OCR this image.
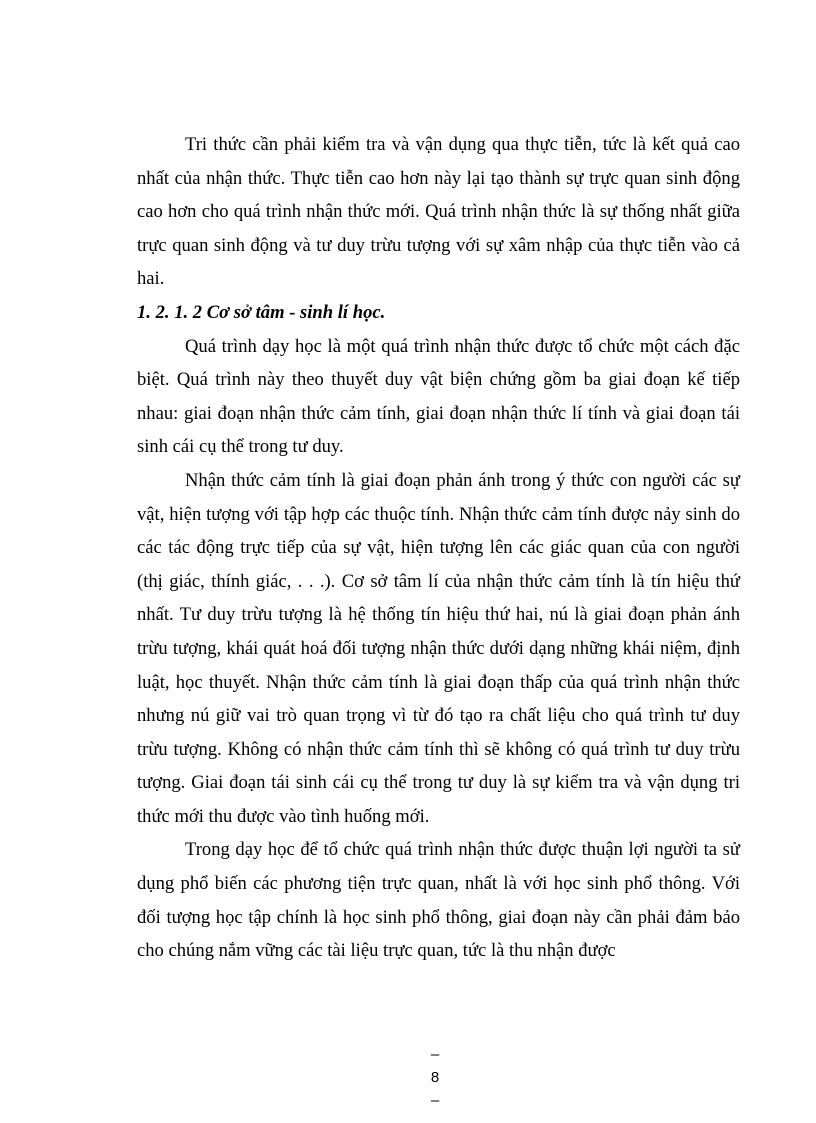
Tri thức cần phải kiểm tra và vận dụng qua thực tiễn, tức là kết quả cao nhất của nhận thức. Thực tiễn cao hơn này lại tạo thành sự trực quan sinh động cao hơn cho quá trình nhận thức mới. Quá trình nhận thức là sự thống nhất giữa trực quan sinh động và tư duy trừu tượng với sự xâm nhập của thực tiễn vào cả hai.

1. 2. 1. 2 Cơ sở tâm - sinh lí học.

Quá trình dạy học là một quá trình nhận thức được tổ chức một cách đặc biệt. Quá trình này theo thuyết duy vật biện chứng gồm ba giai đoạn kế tiếp nhau: giai đoạn nhận thức cảm tính, giai đoạn nhận thức lí tính và giai đoạn tái sinh cái cụ thể trong tư duy.

Nhận thức cảm tính là giai đoạn phản ánh trong ý thức con người các sự vật, hiện tượng với tập hợp các thuộc tính. Nhận thức cảm tính được nảy sinh do các tác động trực tiếp của sự vật, hiện tượng lên các giác quan của con người (thị giác, thính giác, . . .). Cơ sở tâm lí của nhận thức cảm tính là tín hiệu thứ nhất. Tư duy trừu tượng là hệ thống tín hiệu thứ hai, nú là giai đoạn phản ánh trừu tượng, khái quát hoá đối tượng nhận thức dưới dạng những khái niệm, định luật, học thuyết. Nhận thức cảm tính là giai đoạn thấp của quá trình nhận thức nhưng nú giữ vai trò quan trọng vì từ đó tạo ra chất liệu cho quá trình tư duy trừu tượng. Không có nhận thức cảm tính thì sẽ không có quá trình tư duy trừu tượng. Giai đoạn tái sinh cái cụ thể trong tư duy là sự kiểm tra và vận dụng tri thức mới thu được vào tình huống mới.

Trong dạy học để tổ chức quá trình nhận thức được thuận lợi người ta sử dụng phổ biến các phương tiện trực quan, nhất là với học sinh phổ thông. Với đối tượng học tập chính là học sinh phổ thông, giai đoạn này cần phải đảm bảo cho chúng nắm vững các tài liệu trực quan, tức là thu nhận được

–
8
–
